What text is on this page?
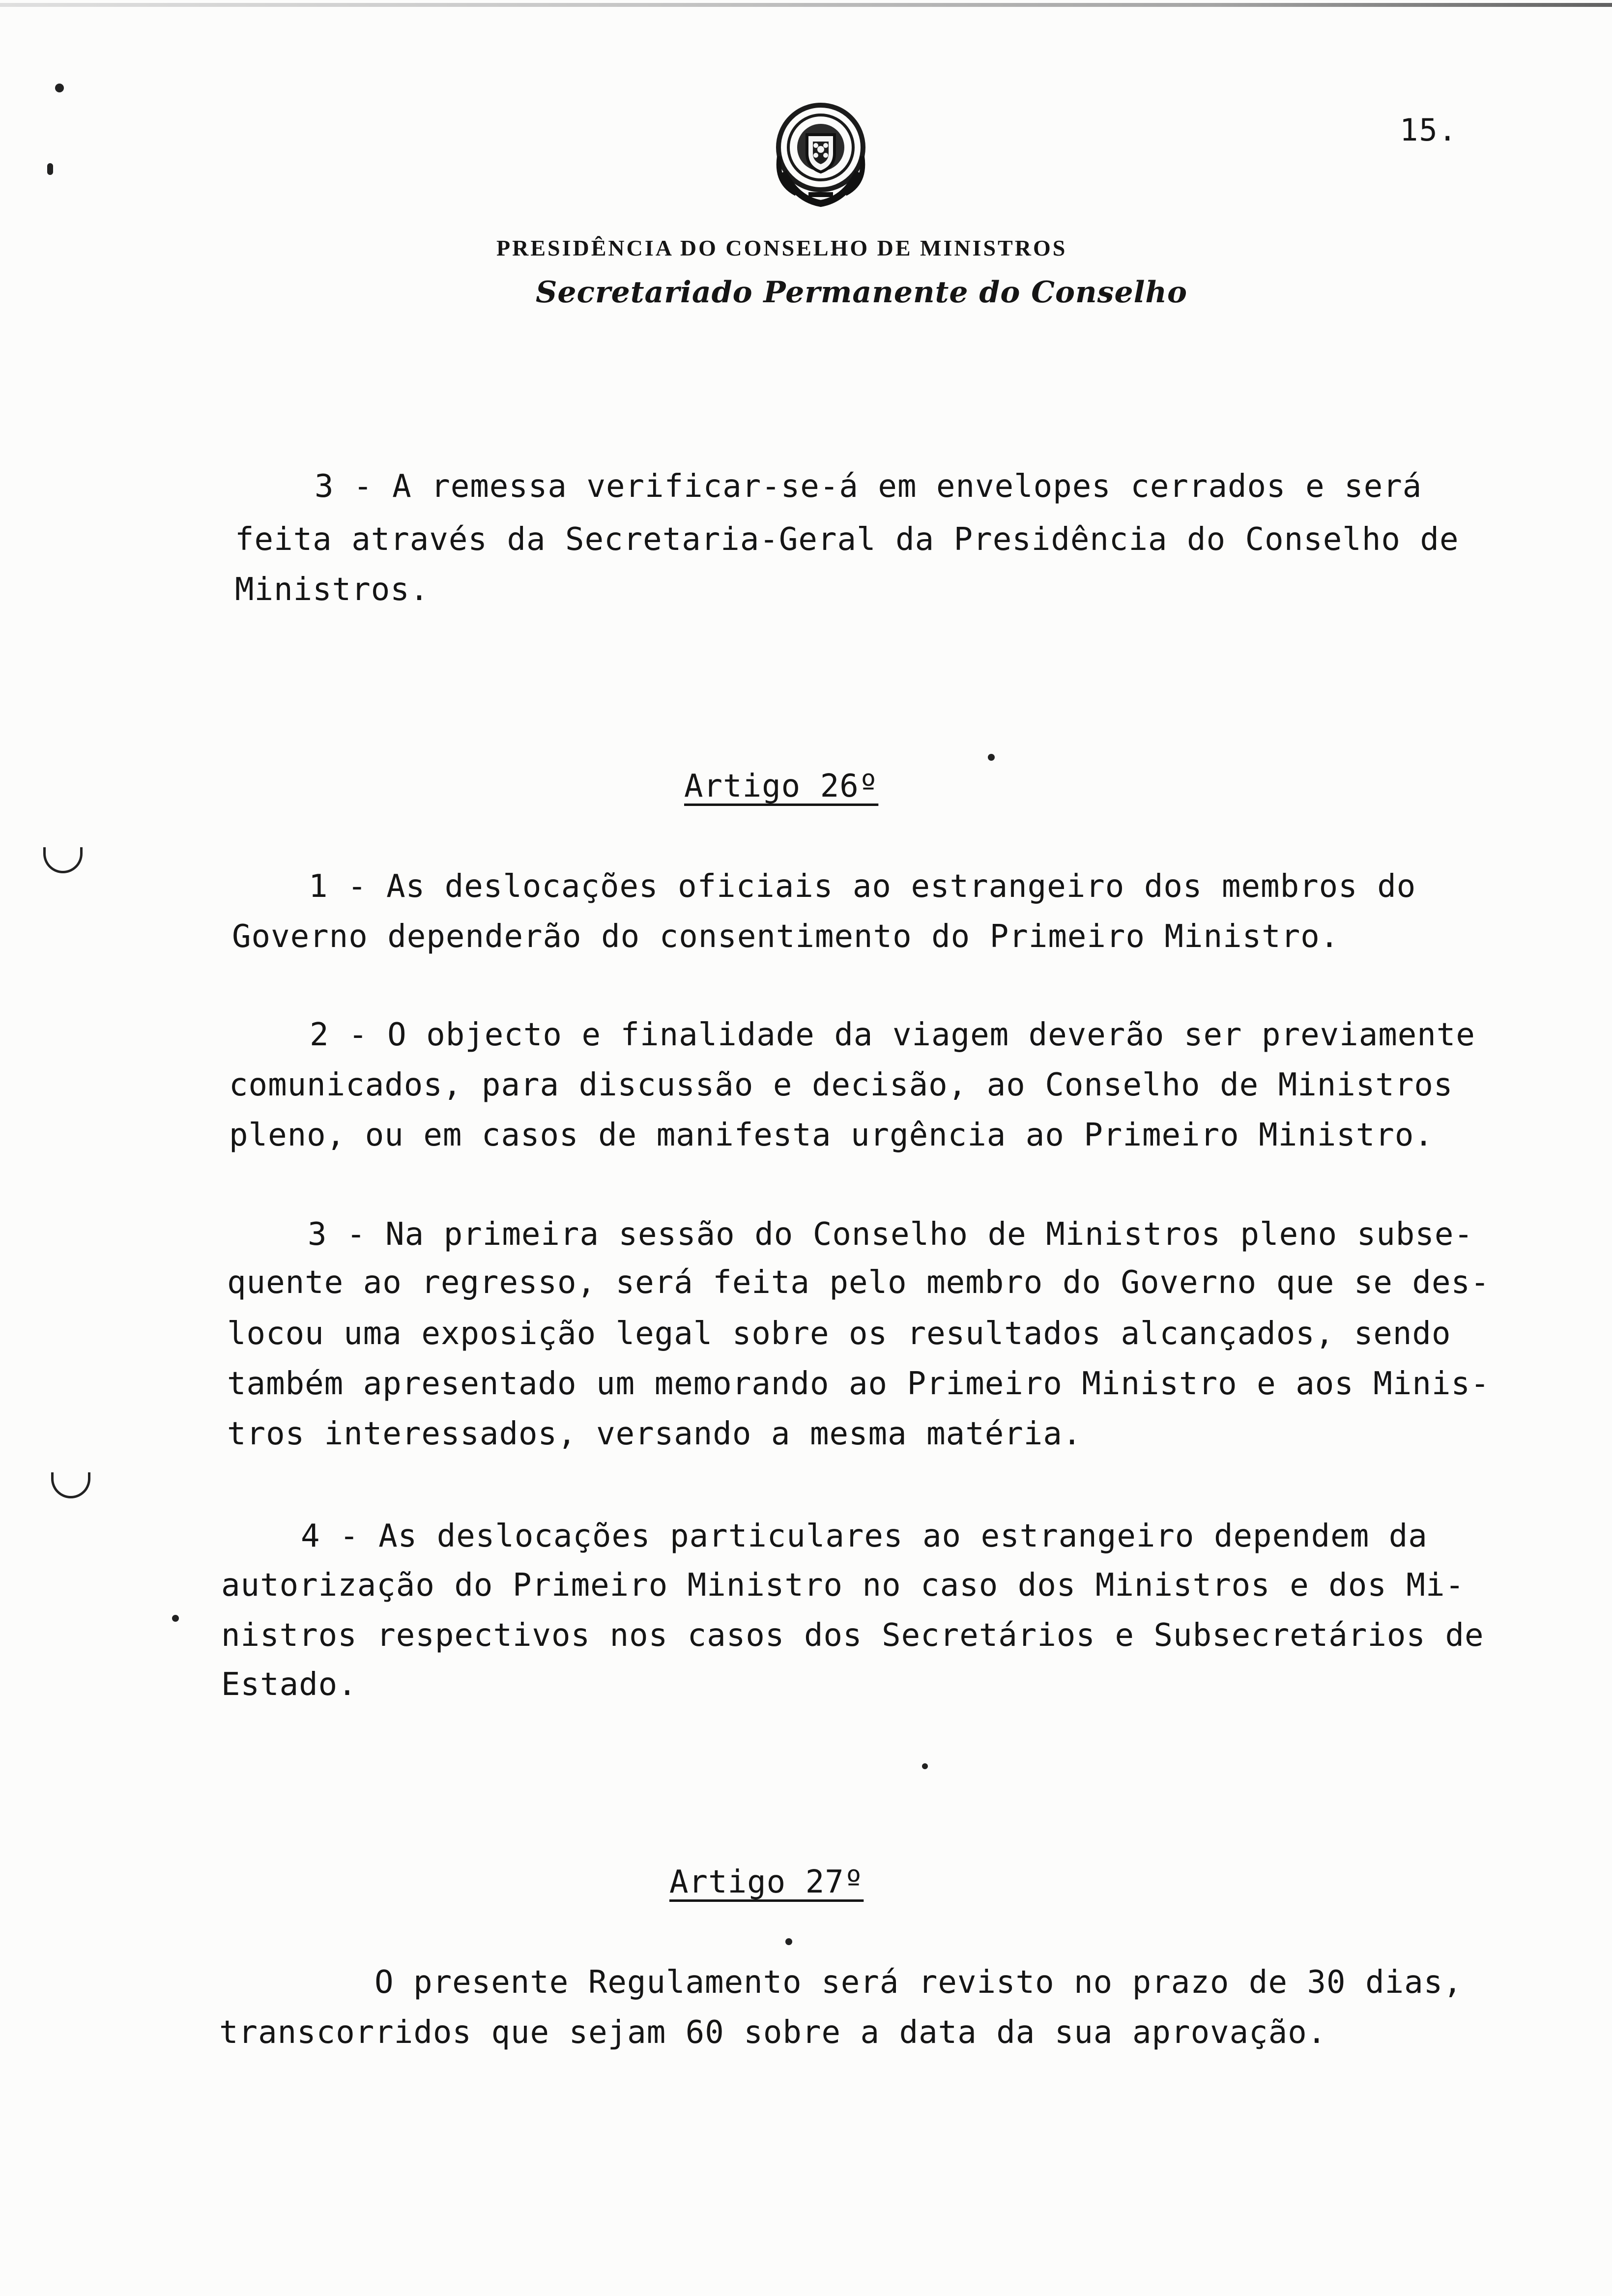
15.
PRESIDÊNCIA DO CONSELHO DE MINISTROS
Secretariado Permanente do Conselho
3 - A remessa verificar-se-á em envelopes cerrados e será
feita através da Secretaria-Geral da Presidência do Conselho de
Ministros.
Artigo 26º
1 - As deslocações oficiais ao estrangeiro dos membros do
Governo dependerão do consentimento do Primeiro Ministro.
2 - O objecto e finalidade da viagem deverão ser previamente
comunicados, para discussão e decisão, ao Conselho de Ministros
pleno, ou em casos de manifesta urgência ao Primeiro Ministro.
3 - Na primeira sessão do Conselho de Ministros pleno subse-
quente ao regresso, será feita pelo membro do Governo que se des-
locou uma exposição legal sobre os resultados alcançados, sendo
também apresentado um memorando ao Primeiro Ministro e aos Minis-
tros interessados, versando a mesma matéria.
4 - As deslocações particulares ao estrangeiro dependem da
autorização do Primeiro Ministro no caso dos Ministros e dos Mi-
nistros respectivos nos casos dos Secretários e Subsecretários de
Estado.
Artigo 27º
O presente Regulamento será revisto no prazo de 30 dias,
transcorridos que sejam 60 sobre a data da sua aprovação.
